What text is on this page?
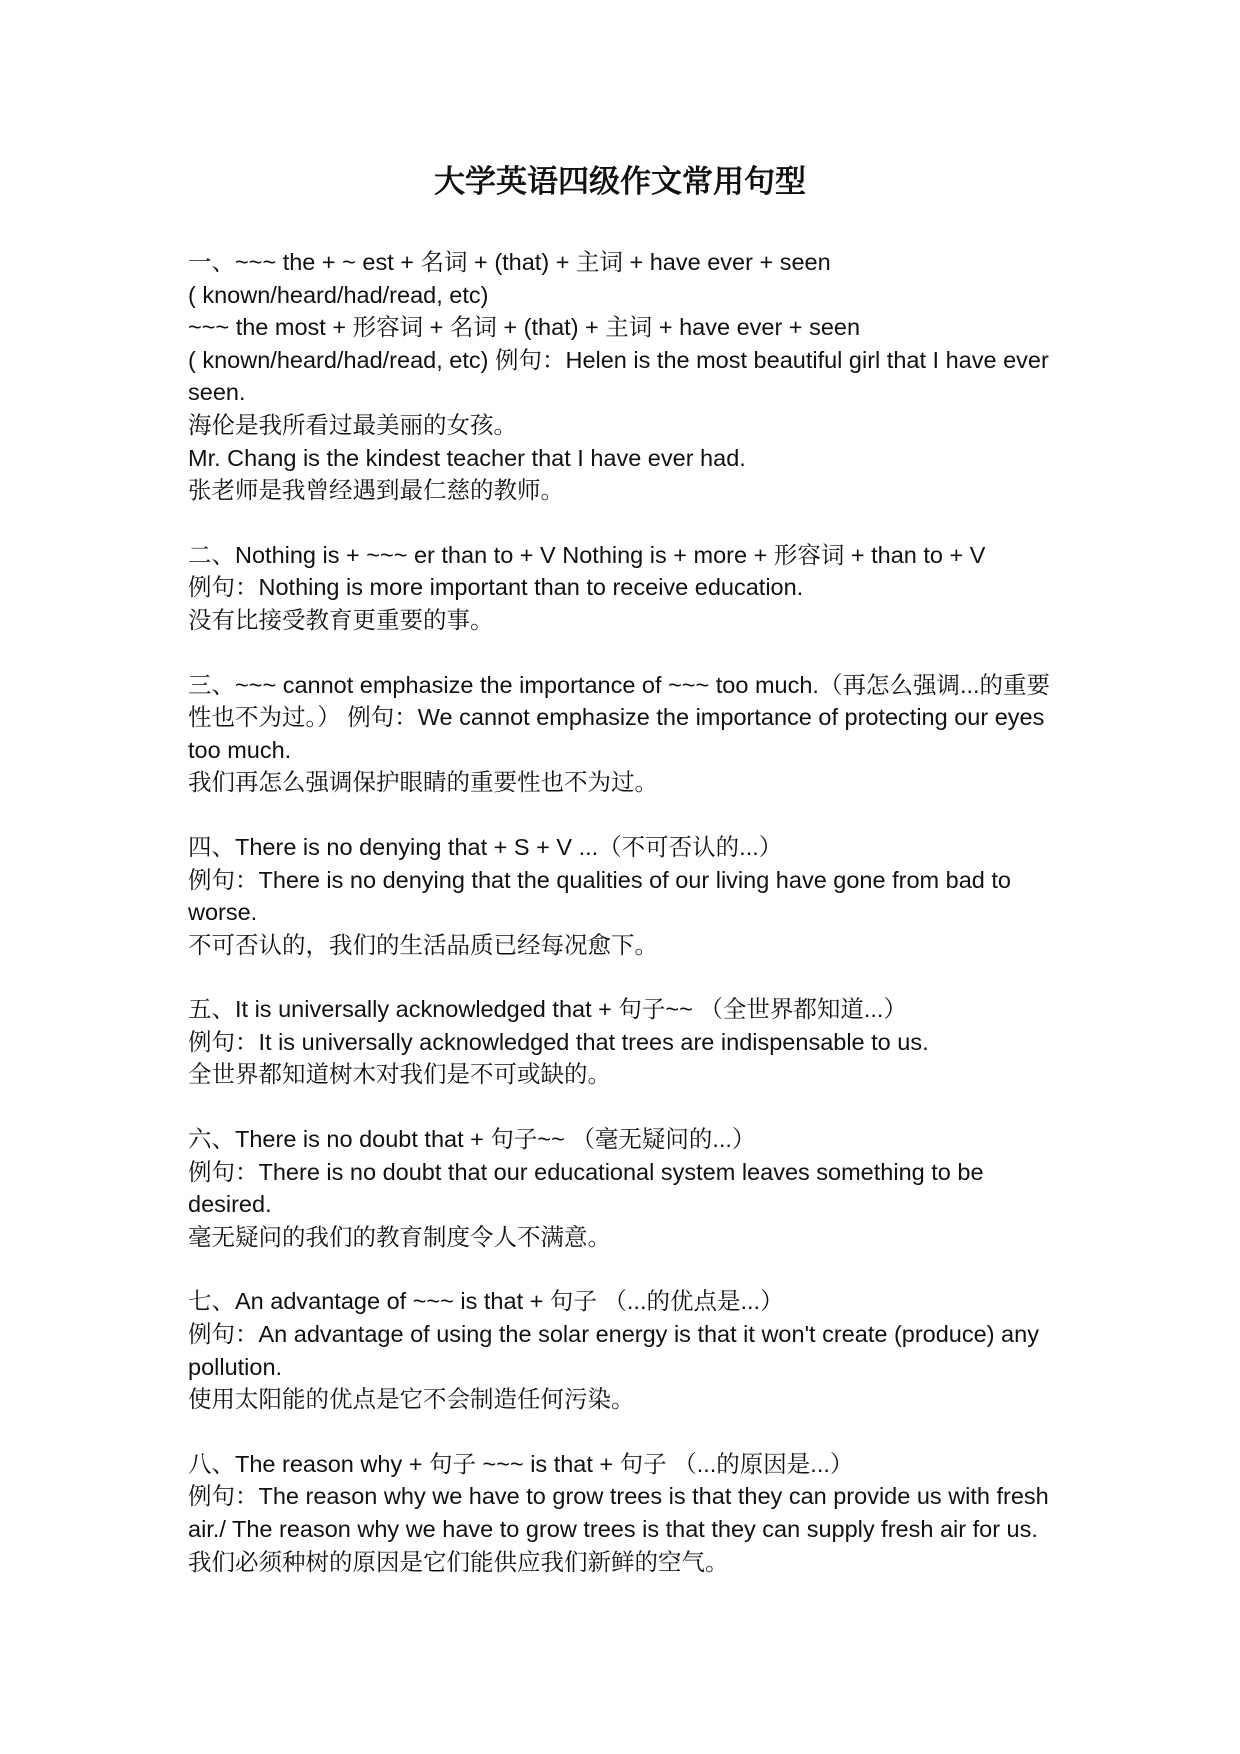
大学英语四级作文常用句型

一、~~~ the + ~ est + 名词 + (that) + 主词 + have ever + seen

( known/heard/had/read, etc)

~~~ the most + 形容词 + 名词 + (that) + 主词 + have ever + seen

( known/heard/had/read, etc) 例句：Helen is the most beautiful girl that I have ever seen.

海伦是我所看过最美丽的女孩。

Mr. Chang is the kindest teacher that I have ever had.

张老师是我曾经遇到最仁慈的教师。

二、Nothing is + ~~~ er than to + V Nothing is + more + 形容词 + than to + V

例句：Nothing is more important than to receive education.

没有比接受教育更重要的事。

三、~~~ cannot emphasize the importance of ~~~ too much.（再怎么强调...的重要性也不为过。） 例句：We cannot emphasize the importance of protecting our eyes too much.

我们再怎么强调保护眼睛的重要性也不为过。

四、There is no denying that + S + V ...（不可否认的...）

例句：There is no denying that the qualities of our living have gone from bad to worse.

不可否认的，我们的生活品质已经每况愈下。

五、It is universally acknowledged that + 句子~~ （全世界都知道...）

例句：It is universally acknowledged that trees are indispensable to us.

全世界都知道树木对我们是不可或缺的。

六、There is no doubt that + 句子~~ （毫无疑问的...）

例句：There is no doubt that our educational system leaves something to be desired.

毫无疑问的我们的教育制度令人不满意。

七、An advantage of ~~~ is that + 句子 （...的优点是...）

例句：An advantage of using the solar energy is that it won't create (produce) any pollution.

使用太阳能的优点是它不会制造任何污染。

八、The reason why + 句子 ~~~ is that + 句子 （...的原因是...）

例句：The reason why we have to grow trees is that they can provide us with fresh air./ The reason why we have to grow trees is that they can supply fresh air for us.

我们必须种树的原因是它们能供应我们新鲜的空气。
